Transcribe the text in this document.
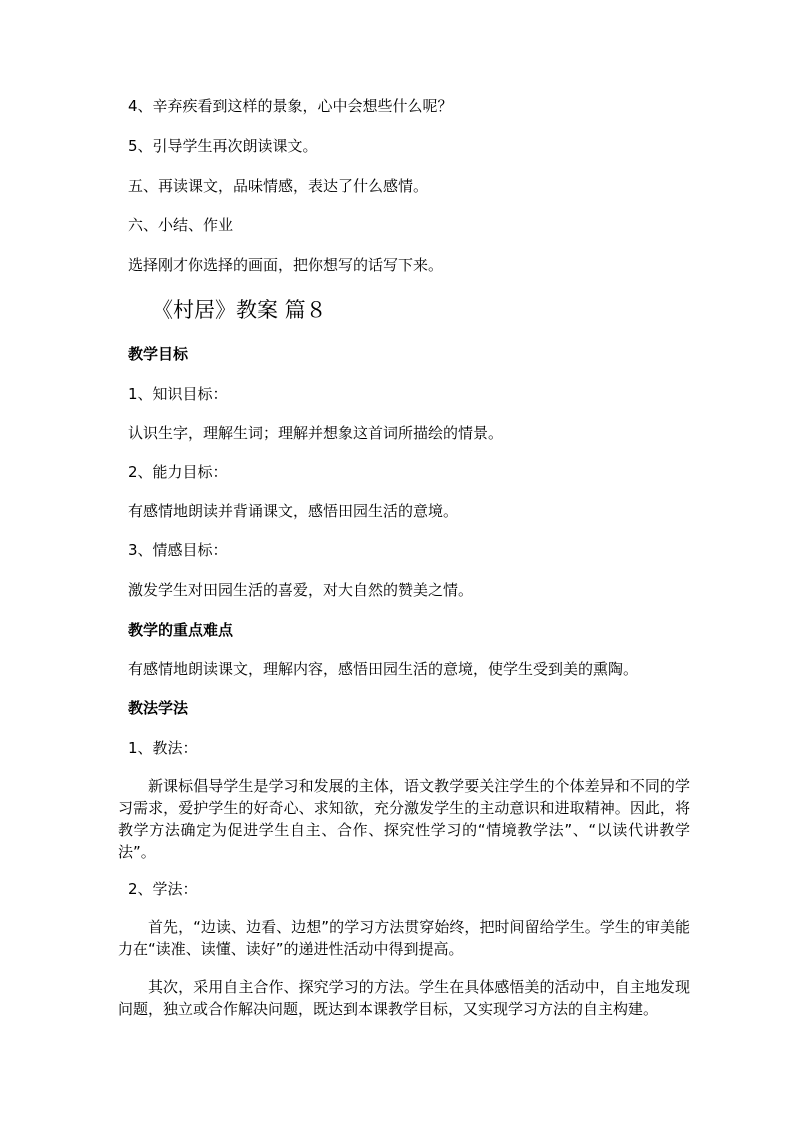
4、辛弃疾看到这样的景象，心中会想些什么呢？
5、引导学生再次朗读课文。
五、再读课文，品味情感，表达了什么感情。
六、小结、作业
选择刚才你选择的画面，把你想写的话写下来。
《村居》教案 篇８
教学目标
1、知识目标：
认识生字，理解生词；理解并想象这首词所描绘的情景。
2、能力目标：
有感情地朗读并背诵课文，感悟田园生活的意境。
3、情感目标：
激发学生对田园生活的喜爱，对大自然的赞美之情。
教学的重点难点
有感情地朗读课文，理解内容，感悟田园生活的意境，使学生受到美的熏陶。
教法学法
1、教法：
新课标倡导学生是学习和发展的主体，语文教学要关注学生的个体差异和不同的学习需求，爱护学生的好奇心、求知欲，充分激发学生的主动意识和进取精神。因此，将教学方法确定为促进学生自主、合作、探究性学习的“情境教学法”、“以读代讲教学法”。
2、学法：
首先，“边读、边看、边想”的学习方法贯穿始终，把时间留给学生。学生的审美能力在“读准、读懂、读好”的递进性活动中得到提高。
其次，采用自主合作、探究学习的方法。学生在具体感悟美的活动中，自主地发现问题，独立或合作解决问题，既达到本课教学目标，又实现学习方法的自主构建。
